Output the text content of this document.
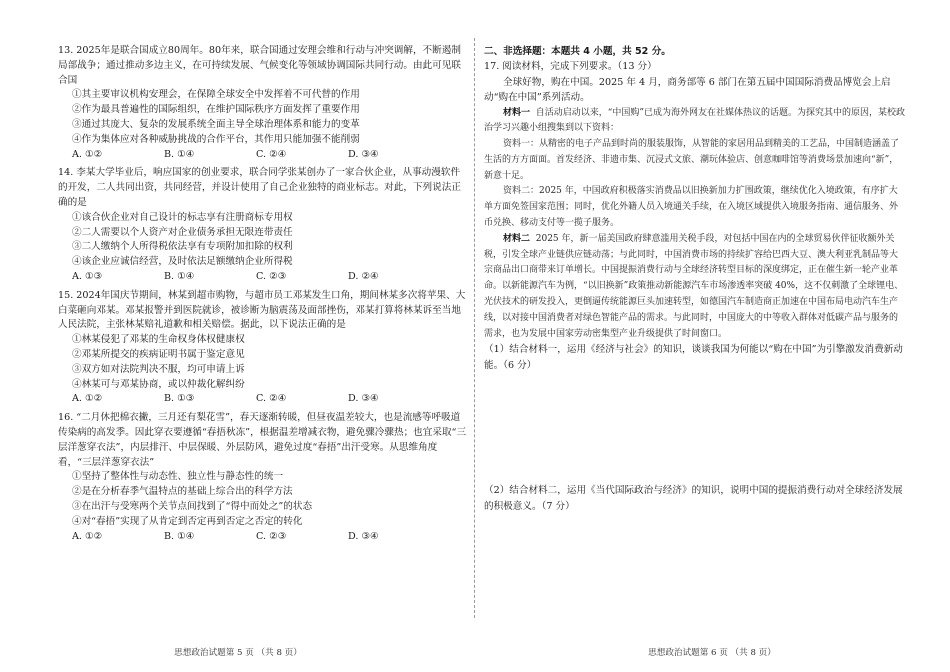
13. 2025年是联合国成立80周年。80年来，联合国通过安理会维和行动与冲突调解，不断遏制局部战争；通过推动多边主义，在可持续发展、气候变化等领域协调国际共同行动。由此可见联合国

①其主要审议机构安理会，在保障全球安全中发挥着不可代替的作用

②作为最具普遍性的国际组织，在维护国际秩序方面发挥了重要作用

③通过其庞大、复杂的发展系统全面主导全球治理体系和能力的变革

④作为集体应对各种威胁挑战的合作平台，其作用只能加强不能削弱

A. ①②	B. ①④	C. ②④	D. ③④

14. 李某大学毕业后，响应国家的创业要求，联合同学张某创办了一家合伙企业，从事动漫软件的开发，二人共同出资，共同经营，并设计使用了自己企业独特的商业标志。对此，下列说法正确的是

①该合伙企业对自己设计的标志享有注册商标专用权

②二人需要以个人资产对企业债务承担无限连带责任

③二人缴纳个人所得税依法享有专项附加扣除的权利

④该企业应诚信经营，及时依法足额缴纳企业所得税

A. ①③	B. ①④	C. ②③	D. ②④

15. 2024年国庆节期间，林某到超市购物，与超市员工邓某发生口角，期间林某多次将苹果、大白菜砸向邓某。邓某报警并到医院就诊，被诊断为脑震荡及面部挫伤，邓某打算将林某诉至当地人民法院，主张林某赔礼道歉和相关赔偿。据此，以下说法正确的是

①林某侵犯了邓某的生命权身体权健康权

②邓某所提交的疾病证明书属于鉴定意见

③双方如对法院判决不服，均可申请上诉

④林某可与邓某协商，或以仲裁化解纠纷

A. ①②	B. ①③	C. ②④	D. ③④

16. “二月休把棉衣撇，三月还有梨花雪”，春天逐渐转暖，但昼夜温差较大，也是流感等呼吸道传染病的高发季。因此穿衣要遵循“春捂秋冻”，根据温差增减衣物，避免骤冷骤热；也宜采取“三层洋葱穿衣法”，内层排汗、中层保暖、外层防风，避免过度“春捂”出汗受寒。从思维角度看，“三层洋葱穿衣法”

①坚持了整体性与动态性、独立性与静态性的统一

②是在分析春季气温特点的基础上综合出的科学方法

③在出汗与受寒两个关节点间找到了“得中而处之”的状态

④对“春捂”实现了从肯定到否定再到否定之否定的转化

A. ①②	B. ①④	C. ②③	D. ③④
思想政治试题第 5 页 （共 8 页）
二、非选择题：本题共 4 小题，共 52 分。

17. 阅读材料，完成下列要求。（13 分）

全球好物，购在中国。2025 年 4 月，商务部等 6 部门在第五届中国国际消费品博览会上启动“购在中国”系列活动。

材料一 自活动启动以来，“中国购”已成为海外网友在社媒体热议的话题。为探究其中的原因，某校政治学习兴趣小组搜集到以下资料：

资料一：从精密的电子产品到时尚的服装服饰，从智能的家居用品到精美的工艺品，中国制造涵盖了生活的方方面面。首发经济、非遗市集、沉浸式文旅、潮玩体验店、创意咖啡馆等消费场景加速向“新”，新意十足。

资料二：2025 年，中国政府积极落实消费品以旧换新加力扩围政策，继续优化入境政策，有序扩大单方面免签国家范围；同时，优化外籍人员入境通关手续，在入境区域提供入境服务指南、通信服务、外币兑换、移动支付等一揽子服务。

材料二 2025 年，新一届美国政府肆意滥用关税手段，对包括中国在内的全球贸易伙伴征收额外关税，引发全球产业链供应链动荡；与此同时，中国消费市场的持续扩容给巴西大豆、澳大利亚乳制品等大宗商品出口商带来订单增长。中国提振消费行动与全球经济转型目标的深度绑定，正在催生新一轮产业革命。以新能源汽车为例，“以旧换新”政策推动新能源汽车市场渗透率突破 40%，这不仅刺激了全球锂电、光伏技术的研发投入，更倒逼传统能源巨头加速转型，如德国汽车制造商正加速在中国布局电动汽车生产线，以对接中国消费者对绿色智能产品的需求。与此同时，中国庞大的中等收入群体对低碳产品与服务的需求，也为发展中国家劳动密集型产业升级提供了时间窗口。

（1）结合材料一，运用《经济与社会》的知识，谈谈我国为何能以“购在中国”为引擎激发消费新动能。（6 分）

（2）结合材料二，运用《当代国际政治与经济》的知识，说明中国的提振消费行动对全球经济发展的积极意义。（7 分）

思想政治试题第 6 页 （共 8 页）
